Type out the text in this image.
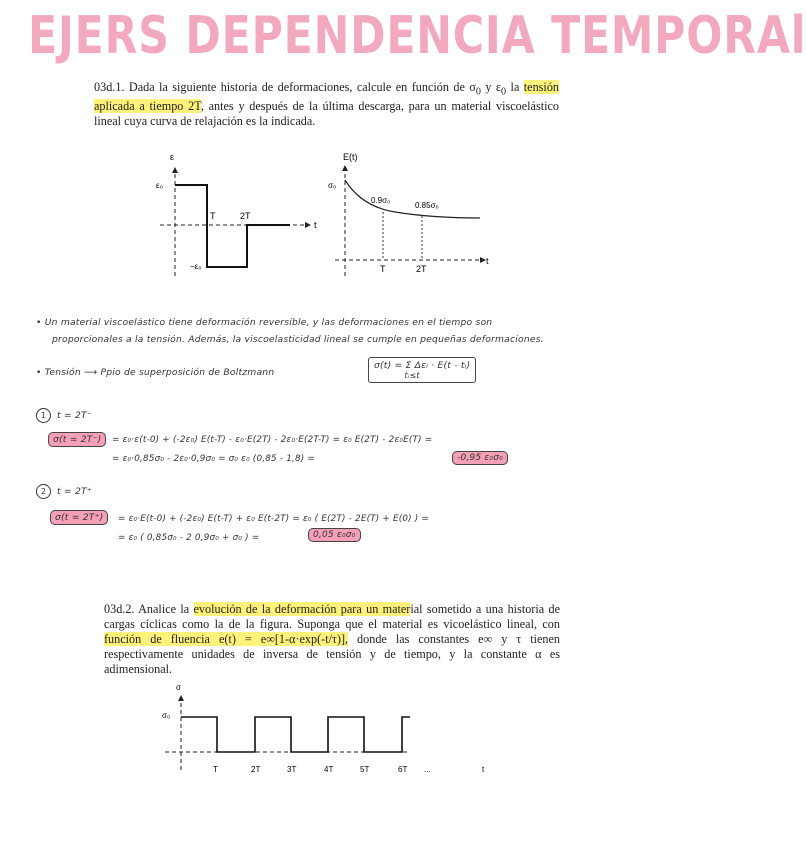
EJERS DEPENDENCIA TEMPORAl
03d.1. Dada la siguiente historia de deformaciones, calcule en función de $\sigma_0$ y $\varepsilon_0$ la tensión aplicada a tiempo 2T, antes y después de la última descarga, para un material viscoelástico lineal cuya curva de relajación es la indicada.
ε
ε₀
−ε₀
t
T	2T
E(t)
σ₀
0.9σ₀
0.85σ₀
t
T	2T
• Un material viscoelástico tiene deformación reversible, y las deformaciones en el tiempo son
proporcionales a la tensión. Además, la viscoelasticidad lineal se cumple en pequeñas deformaciones.
• Tensión ⟶ Ppio de superposición de Boltzmann
σ(t) = Σ Δεᵢ · E(t - tᵢ)
tᵢ≤t
1 t = 2T⁻
σ(t = 2T⁻)	= ε₀·ε(t-0) + (-2ε₀) E(t-T) - ε₀·E(2T) - 2ε₀·E(2T-T) = ε₀ E(2T) - 2ε₀E(T) =
= ε₀·0,85σ₀ - 2ε₀·0,9σ₀ = σ₀ ε₀ (0,85 - 1,8) =	-0,95 ε₀σ₀
2 t = 2T⁺
σ(t = 2T⁺)	= ε₀·E(t-0) + (-2ε₀) E(t-T) + ε₀ E(t-2T) = ε₀ ( E(2T) - 2E(T) + E(0) ) =
= ε₀ ( 0,85σ₀ - 2 0,9σ₀ + σ₀ ) =	0,05 ε₀σ₀
03d.2. Analice la evolución de la deformación para un material sometido a una historia de cargas cíclicas como la de la figura. Suponga que el material es vicoelástico lineal, con función de fluencia e(t) = e∞[1-α·exp(-t/τ)], donde las constantes e∞ y τ tienen respectivamente unidades de inversa de tensión y de tiempo, y la constante α es adimensional.
σ
σ₀
t
T	2T	3T	4T	5T	6T ...
